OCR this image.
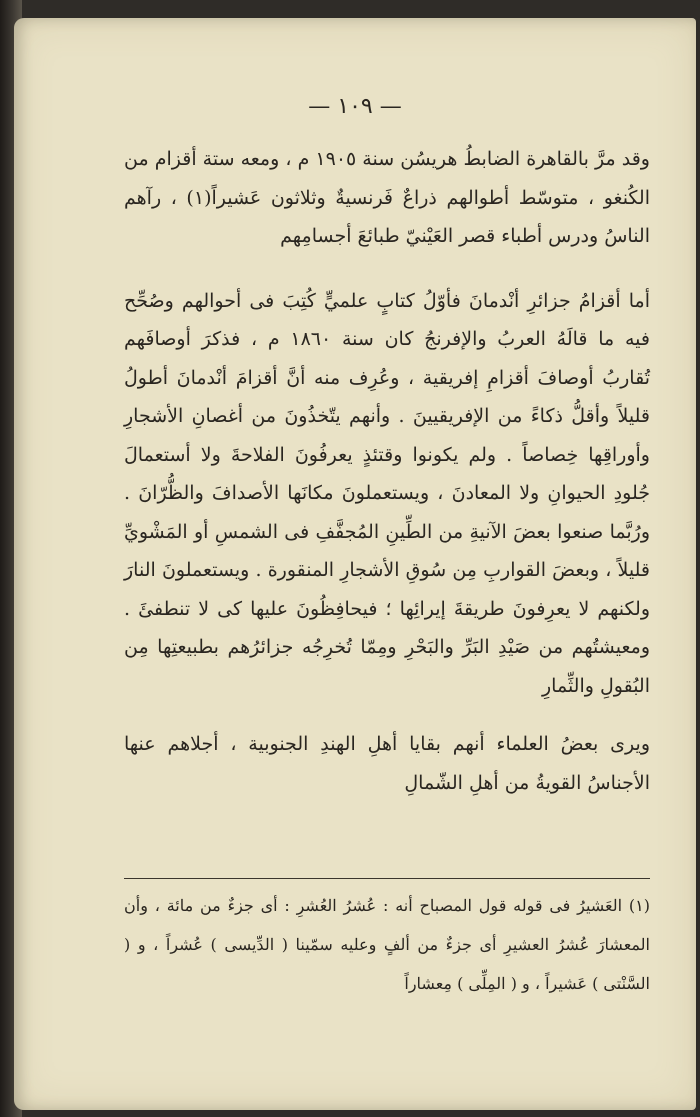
— ١٠٩ —

وقد مرَّ بالقاهرة الضابطُ هريسُن سنة ١٩٠٥ م ، ومعه ستة أقزام من الكُنغو ، متوسّط أطوالهم ذراعٌ فَرنسيةٌ وثلاثون عَشيراً(١) ، رآهم الناسُ ودرس أطباء قصر العَيْنيّ طبائعَ أجسامِهم

أما أقزامُ جزائرِ أنْدمانَ فأوّلُ كتابٍ علميٍّ كُتِبَ فى أحوالهم وصُحِّح فيه ما قالَهُ العربُ والإفرنجُ كان سنة ١٨٦٠ م ، فذكرَ أوصافَهم تُقاربُ أوصافَ أقزامِ إفريقية ، وعُرِف منه أنَّ أقزامَ أنْدمانَ أطولُ قليلاً وأقلُّ ذكاءً من الإفريقيينَ . وأنهم يتّخذُونَ من أغصانِ الأشجارِ وأوراقِها خِصاصاً . ولم يكونوا وقتئذٍ يعرفُونَ الفلاحةَ ولا أستعمالَ جُلودِ الحيوانِ ولا المعادنَ ، ويستعملونَ مكانَها الأصدافَ والظُّرّانَ . ورُبَّما صنعوا بعضَ الآنيةِ من الطِّينِ المُجفَّفِ فى الشمسِ أو المَشْويِّ قليلاً ، وبعضَ القواربِ مِن سُوقِ الأشجارِ المنقورة . ويستعملونَ النارَ ولكنهم لا يعرِفونَ طريقةَ إيرائِها ؛ فيحافِظُونَ عليها كى لا تنطفئَ . ومعيشتُهم من صَيْدِ البَرِّ والبَحْرِ ومِمّا تُخرِجُه جزائرُهم بطبيعتِها مِن البُقولِ والثِّمارِ

ويرى بعضُ العلماء أنهم بقايا أهلِ الهندِ الجنوبية ، أجلاهم عنها الأجناسُ القويةُ من أهلِ الشّمالِ

(١) العَشيرُ فى قوله قول المصباح أنه : عُشرُ العُشرِ : أى جزءٌ من مائة ، وأن المعشارَ عُشرُ العشيرِ أى جزءٌ من ألفٍ وعليه سمّينا ( الدِّيسى ) عُشراً ، و ( السَّنْتى ) عَشيراً ، و ( المِلِّى ) مِعشاراً
